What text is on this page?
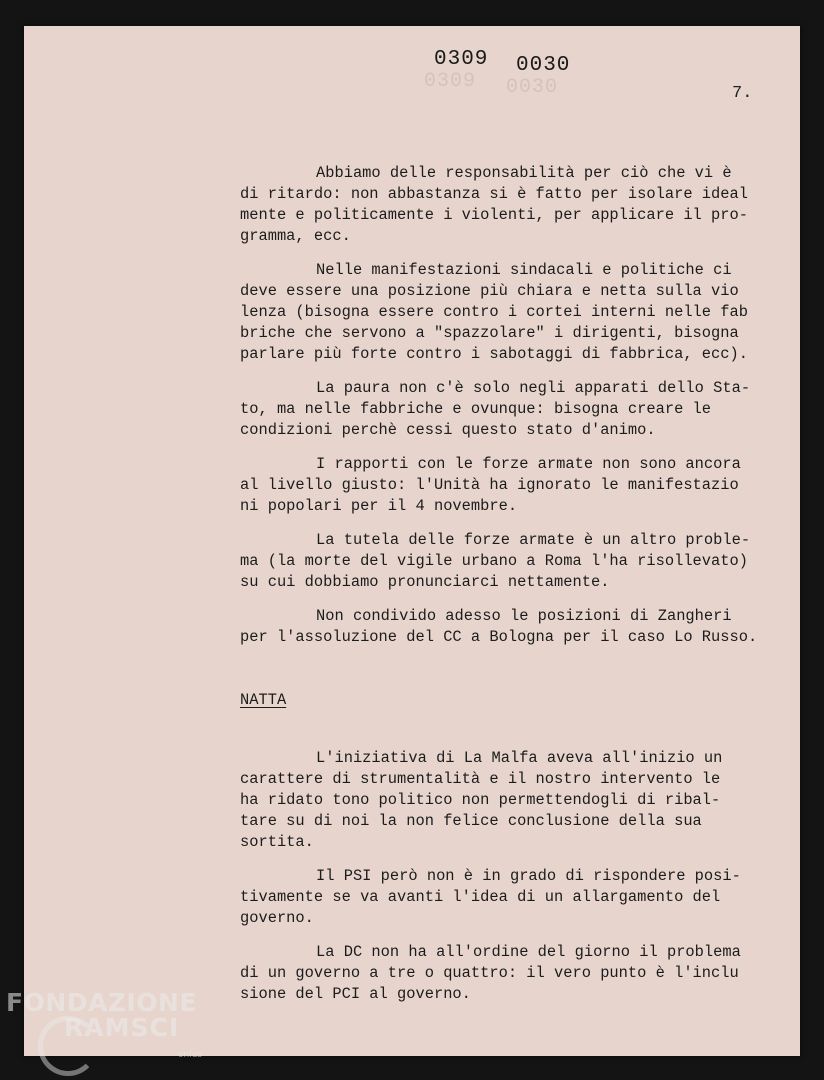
0309 0030
0309 0030
7.
Abbiamo delle responsabilità per ciò che vi è
di ritardo: non abbastanza si è fatto per isolare ideal
mente e politicamente i violenti, per applicare il pro-
gramma, ecc.
Nelle manifestazioni sindacali e politiche ci
deve essere una posizione più chiara e netta sulla vio
lenza (bisogna essere contro i cortei interni nelle fab
briche che servono a "spazzolare" i dirigenti, bisogna
parlare più forte contro i sabotaggi di fabbrica, ecc).
La paura non c'è solo negli apparati dello Sta-
to, ma nelle fabbriche e ovunque: bisogna creare le
condizioni perchè cessi questo stato d'animo.
I rapporti con le forze armate non sono ancora
al livello giusto: l'Unità ha ignorato le manifestazio
ni popolari per il 4 novembre.
La tutela delle forze armate è un altro proble-
ma (la morte del vigile urbano a Roma l'ha risollevato)
su cui dobbiamo pronunciarci nettamente.
Non condivido adesso le posizioni di Zangheri
per l'assoluzione del CC a Bologna per il caso Lo Russo.
NATTA
L'iniziativa di La Malfa aveva all'inizio un
carattere di strumentalità e il nostro intervento le
ha ridato tono politico non permettendogli di ribal-
tare su di noi la non felice conclusione della sua
sortita.
Il PSI però non è in grado di rispondere posi-
tivamente se va avanti l'idea di un allargamento del
governo.
La DC non ha all'ordine del giorno il problema
di un governo a tre o quattro: il vero punto è l'inclu
sione del PCI al governo.
FONDAZIONE
RAMSCI
onlus
